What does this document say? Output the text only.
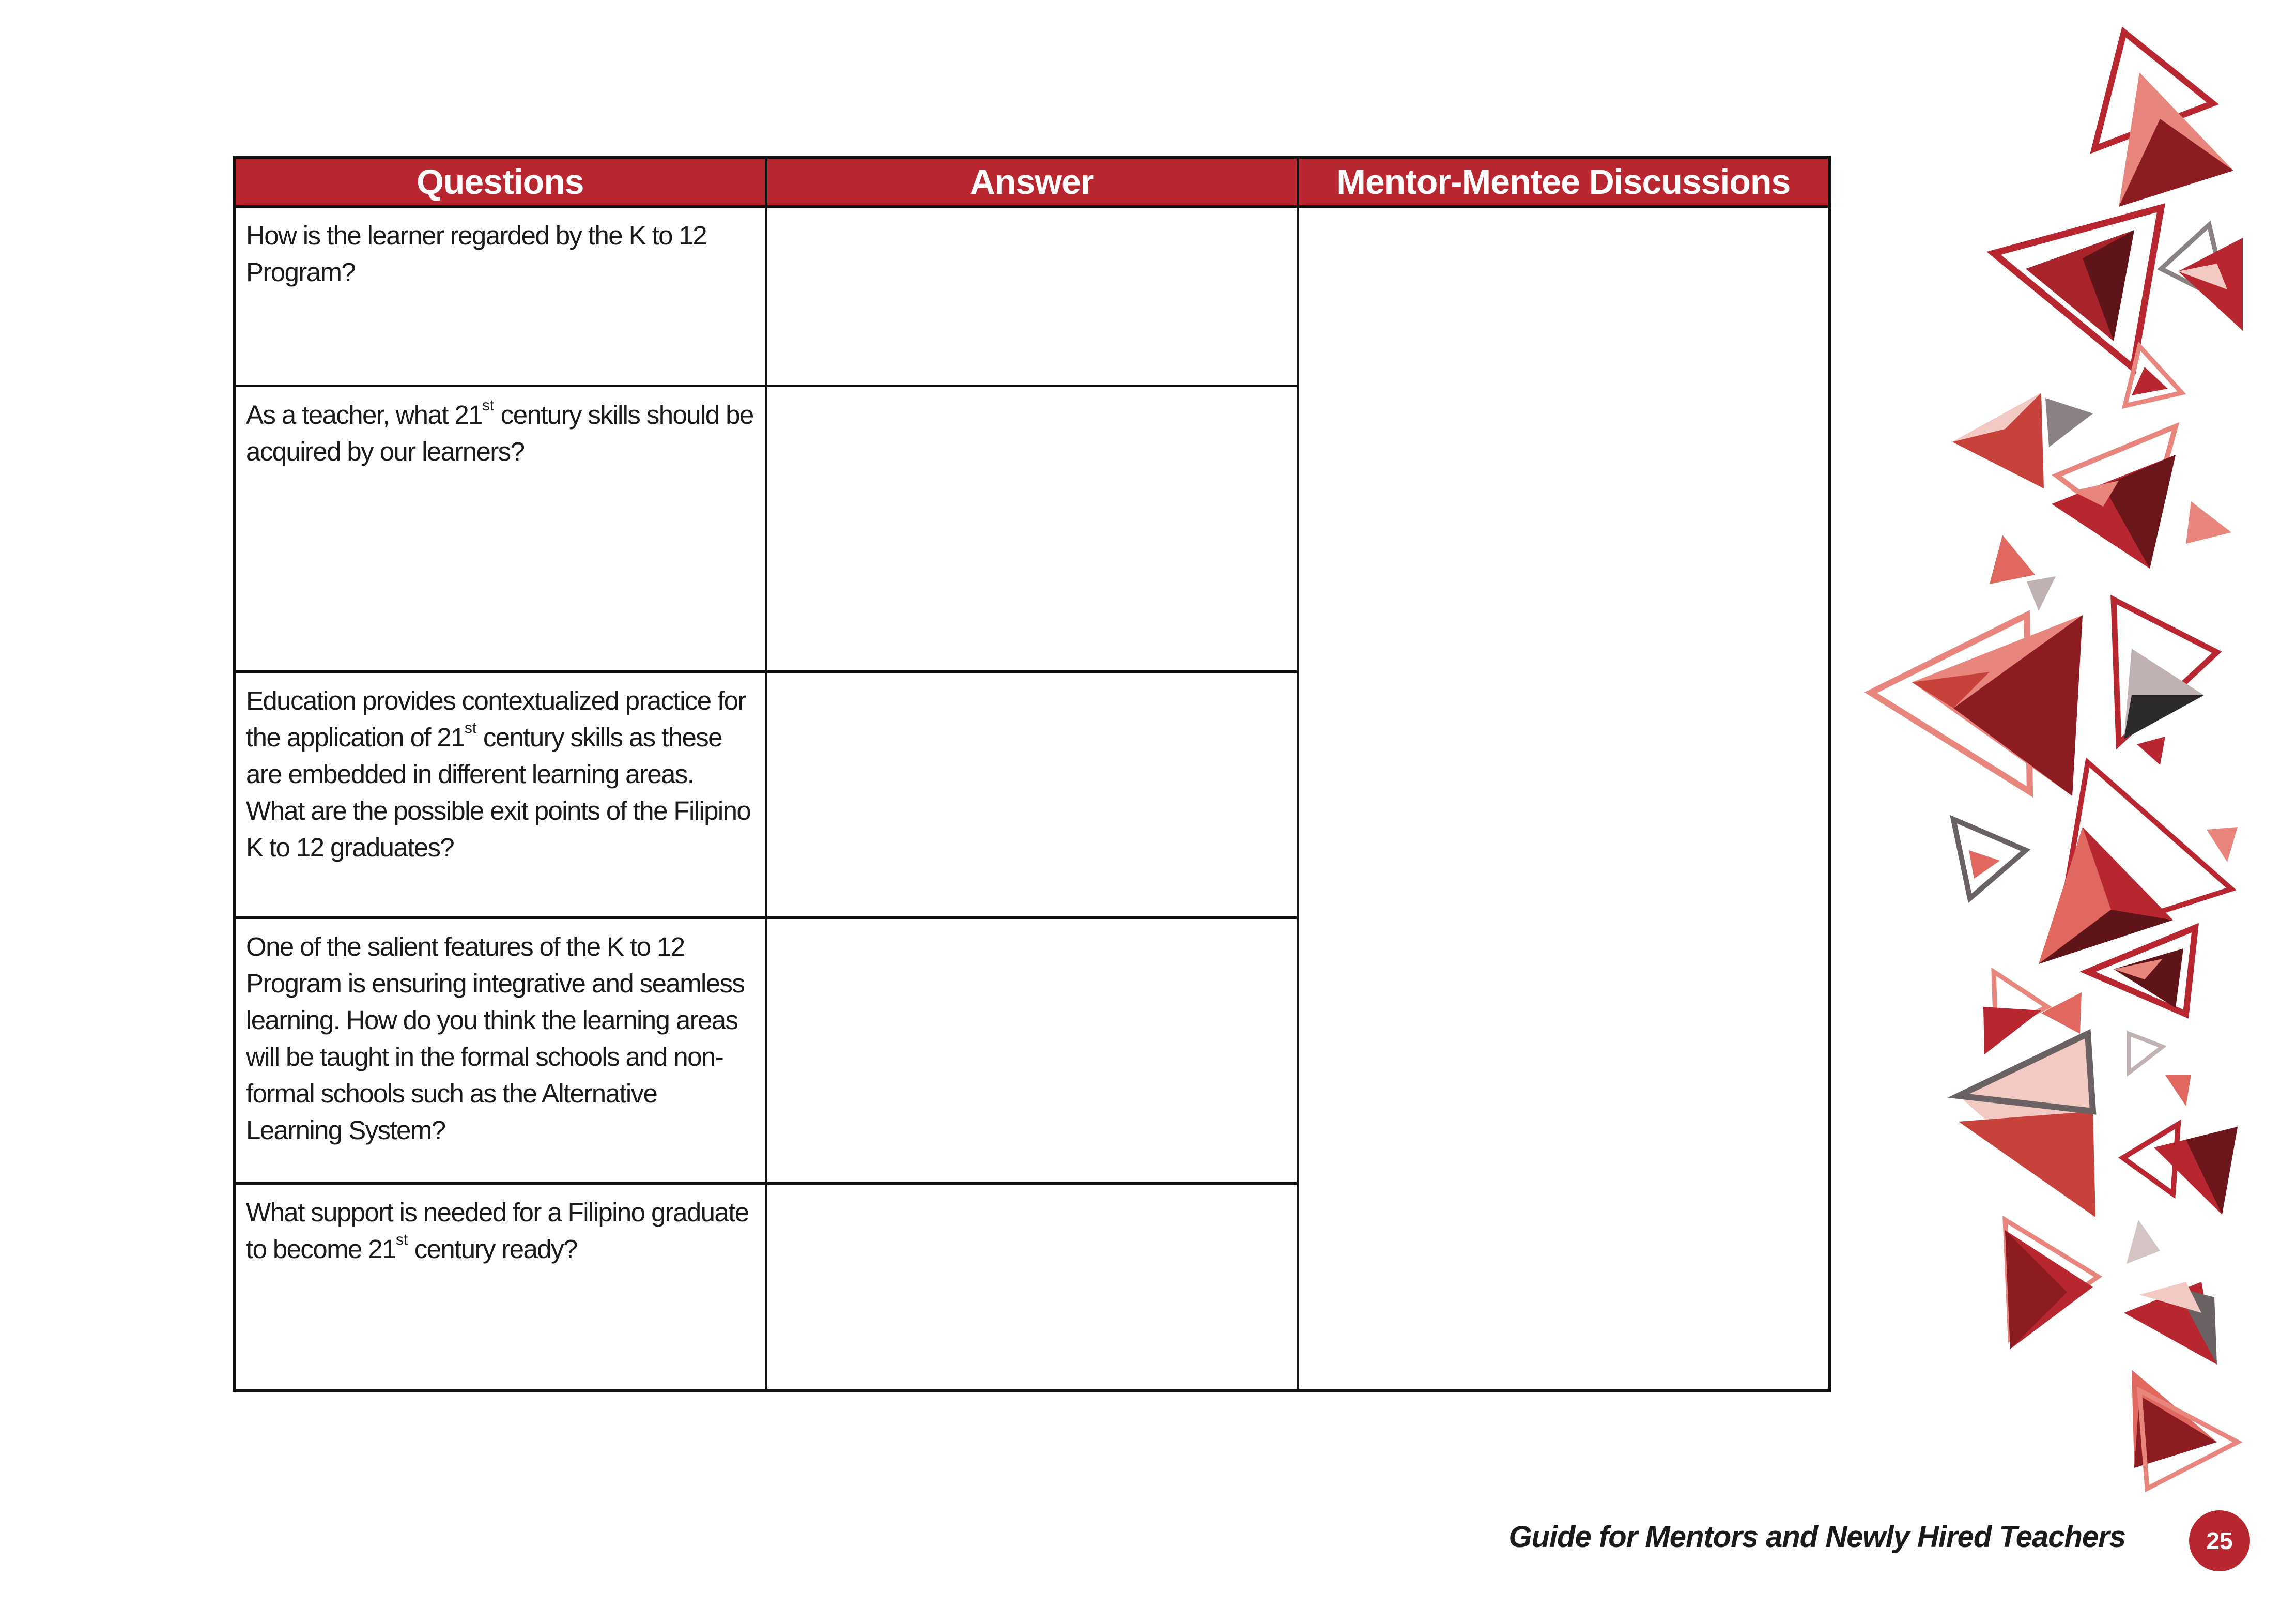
Questions	Answer	Mentor-Mentee Discussions

How is the learner regarded by the K to 12 Program?		

As a teacher, what 21st century skills should be acquired by our learners?		

Education provides contextualized practice for the application of 21st century skills as these are embedded in different learning areas. What are the possible exit points of the Filipino K to 12 graduates?		

One of the salient features of the K to 12 Program is ensuring integrative and seamless learning. How do you think the learning areas will be taught in the formal schools and non-formal schools such as the Alternative Learning System?		

What support is needed for a Filipino graduate to become 21st century ready?		

Guide for Mentors and Newly Hired Teachers	25
